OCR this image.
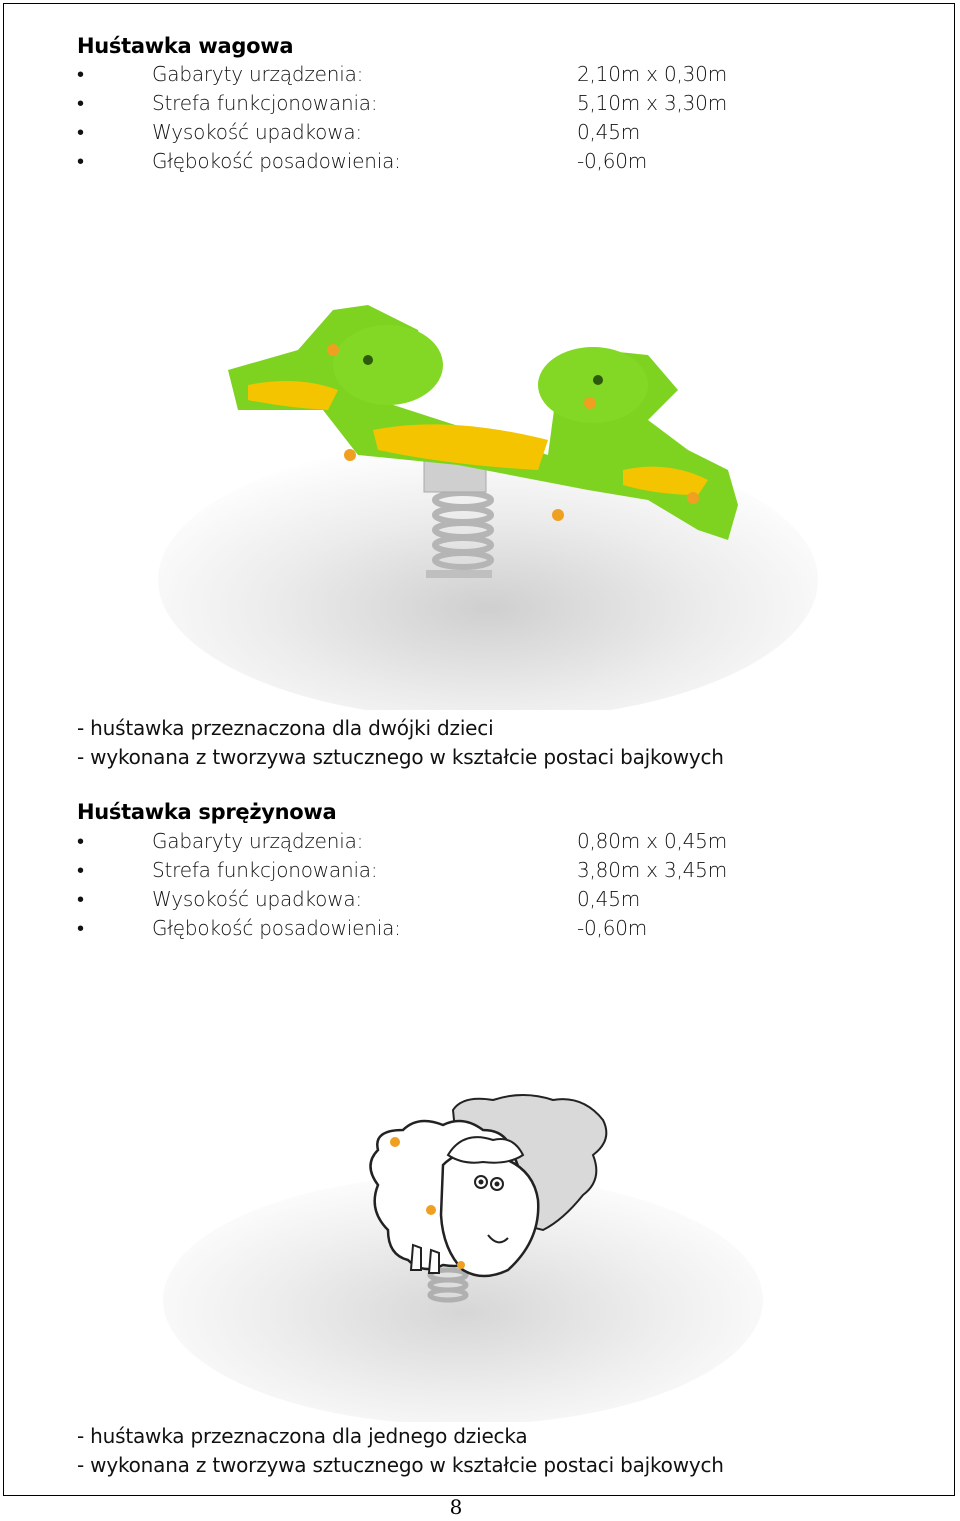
Huśtawka wagowa
•	Gabaryty urządzenia:	2,10m x 0,30m
•	Strefa funkcjonowania:	5,10m x 3,30m
•	Wysokość upadkowa:	0,45m
•	Głębokość posadowienia:	-0,60m
- huśtawka przeznaczona dla dwójki dzieci
- wykonana z tworzywa sztucznego w kształcie postaci bajkowych
Huśtawka sprężynowa
•	Gabaryty urządzenia:	0,80m x 0,45m
•	Strefa funkcjonowania:	3,80m x 3,45m
•	Wysokość upadkowa:	0,45m
•	Głębokość posadowienia:	-0,60m
- huśtawka przeznaczona dla jednego dziecka
- wykonana z tworzywa sztucznego w kształcie postaci bajkowych
8
